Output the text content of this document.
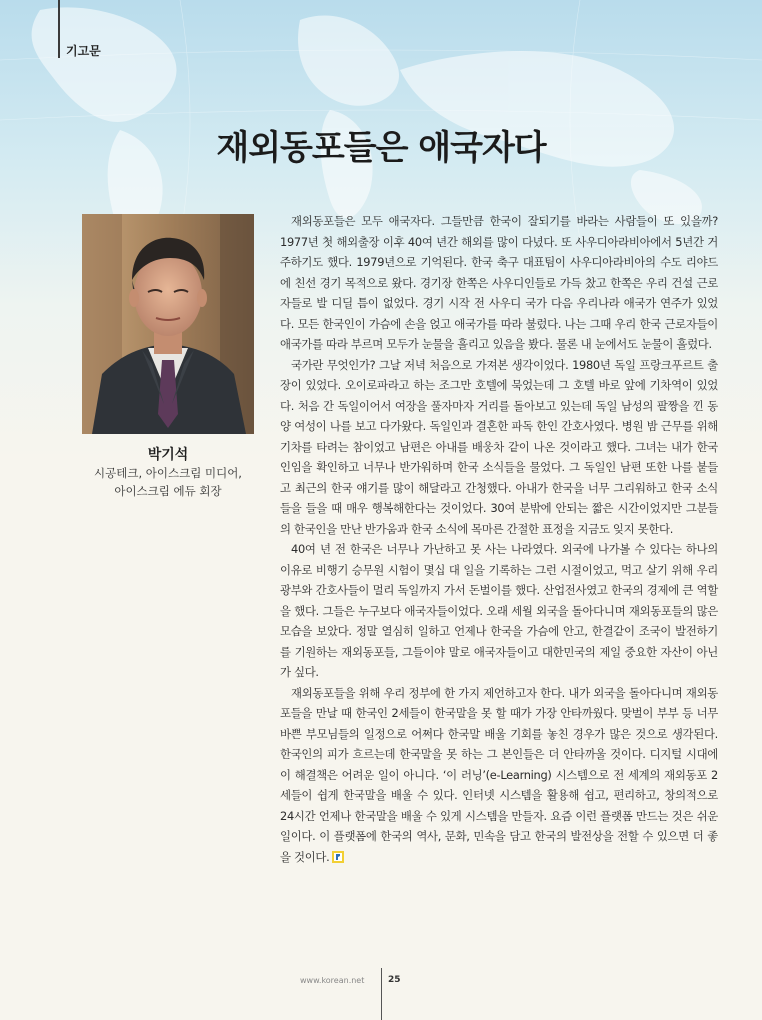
기고문
재외동포들은 애국자다
박기석
시공테크, 아이스크림 미디어,
아이스크림 에듀 회장

재외동포들은 모두 애국자다. 그들만큼 한국이 잘되기를 바라는 사람들이 또 있을까? 1977년 첫 해외출장 이후 40여 년간 해외를 많이 다녔다. 또 사우디아라비아에서 5년간 거주하기도 했다. 1979년으로 기억된다. 한국 축구 대표팀이 사우디아라비아의 수도 리야드에 친선 경기 목적으로 왔다. 경기장 한쪽은 사우디인들로 가득 찼고 한쪽은 우리 건설 근로자들로 발 디딜 틈이 없었다. 경기 시작 전 사우디 국가 다음 우리나라 애국가 연주가 있었다. 모든 한국인이 가슴에 손을 얹고 애국가를 따라 불렀다. 나는 그때 우리 한국 근로자들이 애국가를 따라 부르며 모두가 눈물을 흘리고 있음을 봤다. 물론 내 눈에서도 눈물이 흘렀다.

국가란 무엇인가? 그날 저녁 처음으로 가져본 생각이었다. 1980년 독일 프랑크푸르트 출장이 있었다. 오이로파라고 하는 조그만 호텔에 묵었는데 그 호텔 바로 앞에 기차역이 있었다. 처음 간 독일이어서 여장을 풀자마자 거리를 돌아보고 있는데 독일 남성의 팔짱을 낀 동양 여성이 나를 보고 다가왔다. 독일인과 결혼한 파독 한인 간호사였다. 병원 밤 근무를 위해 기차를 타려는 참이었고 남편은 아내를 배웅차 같이 나온 것이라고 했다. 그녀는 내가 한국인임을 확인하고 너무나 반가워하며 한국 소식들을 물었다. 그 독일인 남편 또한 나를 붙들고 최근의 한국 얘기를 많이 해달라고 간청했다. 아내가 한국을 너무 그리워하고 한국 소식들을 들을 때 매우 행복해한다는 것이었다. 30여 분밖에 안되는 짧은 시간이었지만 그분들의 한국인을 만난 반가움과 한국 소식에 목마른 간절한 표정을 지금도 잊지 못한다.

40여 년 전 한국은 너무나 가난하고 못 사는 나라였다. 외국에 나가볼 수 있다는 하나의 이유로 비행기 승무원 시험이 몇십 대 일을 기록하는 그런 시절이었고, 먹고 살기 위해 우리 광부와 간호사들이 멀리 독일까지 가서 돈벌이를 했다. 산업전사였고 한국의 경제에 큰 역할을 했다. 그들은 누구보다 애국자들이었다. 오래 세월 외국을 돌아다니며 재외동포들의 많은 모습을 보았다. 정말 열심히 일하고 언제나 한국을 가슴에 안고, 한결같이 조국이 발전하기를 기원하는 재외동포들, 그들이야 말로 애국자들이고 대한민국의 제일 중요한 자산이 아닌가 싶다.

재외동포들을 위해 우리 정부에 한 가지 제언하고자 한다. 내가 외국을 돌아다니며 재외동포들을 만날 때 한국인 2세들이 한국말을 못 할 때가 가장 안타까웠다. 맞벌이 부부 등 너무 바쁜 부모님들의 일정으로 어쩌다 한국말 배울 기회를 놓친 경우가 많은 것으로 생각된다. 한국인의 피가 흐르는데 한국말을 못 하는 그 본인들은 더 안타까울 것이다. 디지털 시대에 이 해결책은 어려운 일이 아니다. ‘이 러닝’(e-Learning) 시스템으로 전 세계의 재외동포 2세들이 쉽게 한국말을 배울 수 있다. 인터넷 시스템을 활용해 쉽고, 편리하고, 창의적으로 24시간 언제나 한국말을 배울 수 있게 시스템을 만들자. 요즘 이런 플랫폼 만드는 것은 쉬운 일이다. 이 플랫폼에 한국의 역사, 문화, 민속을 담고 한국의 발전상을 전할 수 있으면 더 좋을 것이다.

www.korean.net	25
